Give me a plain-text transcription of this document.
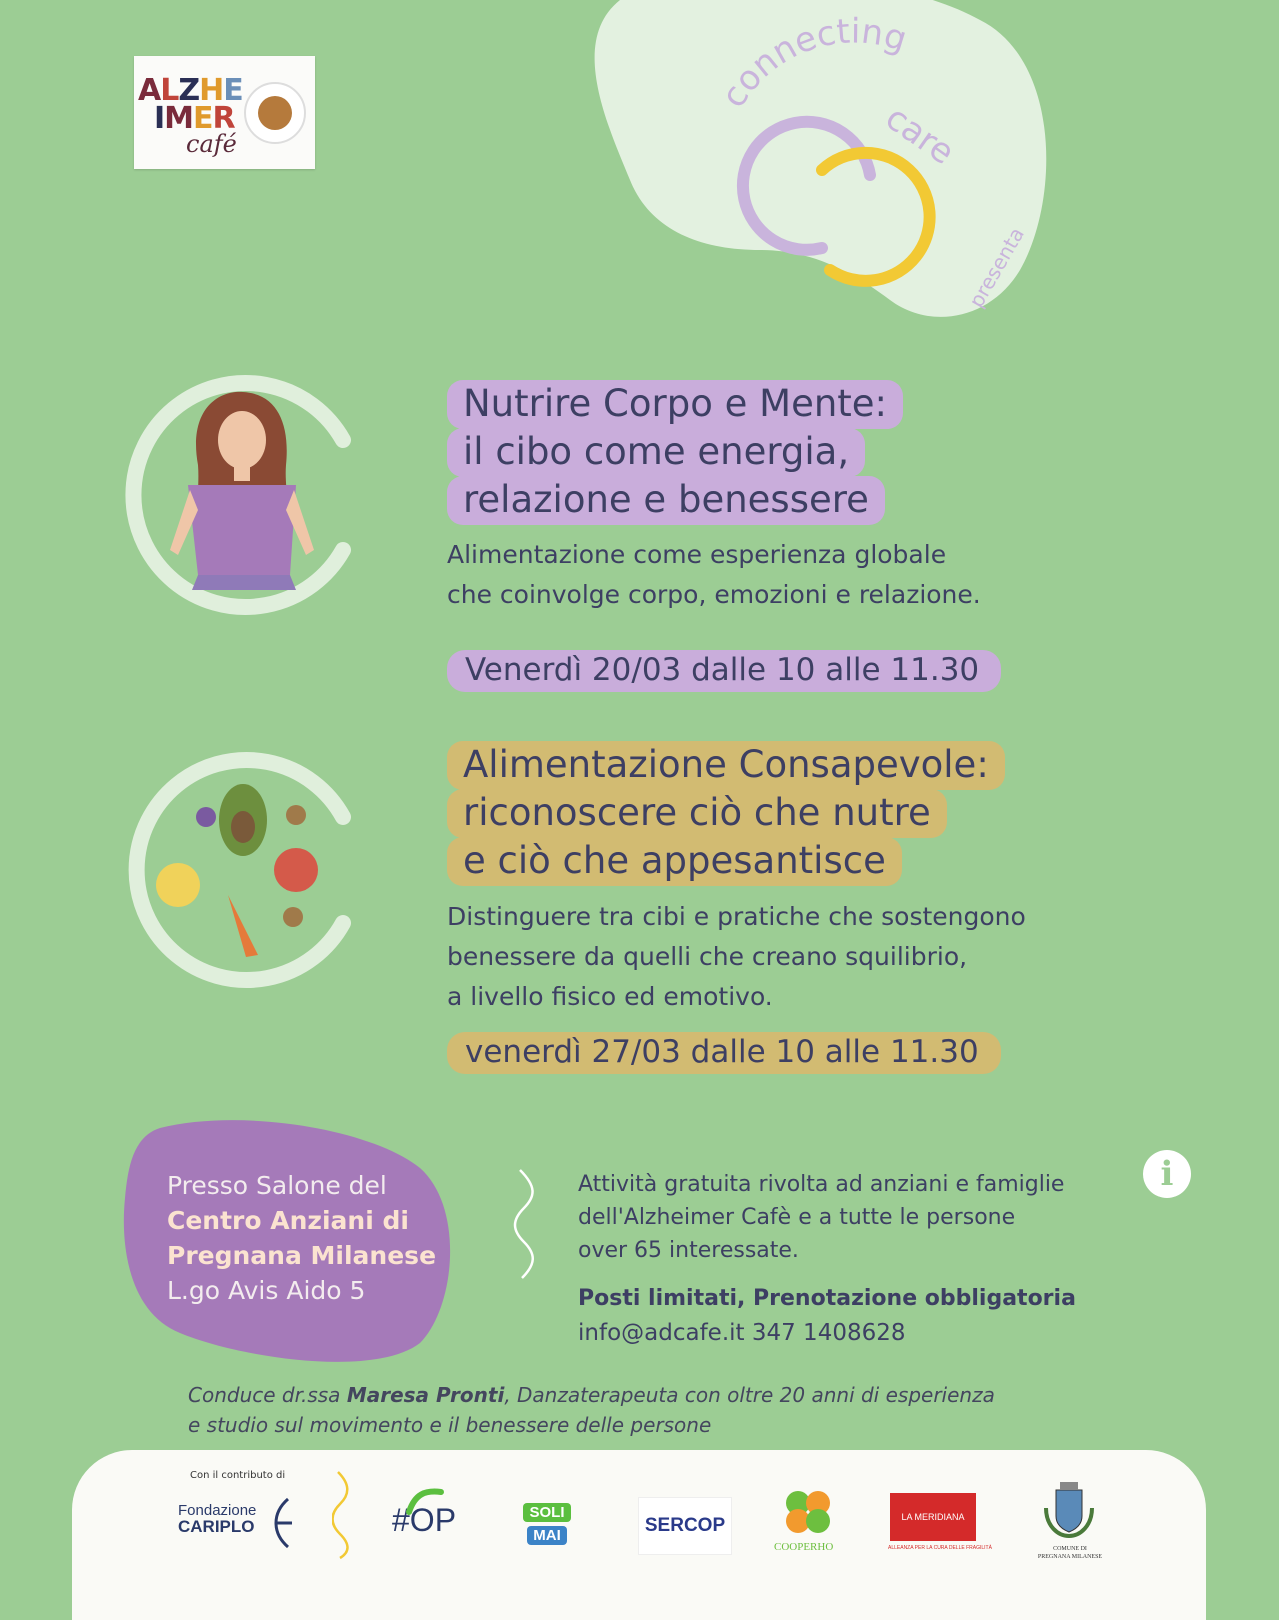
connecting
care
presenta
ALZHE
IMER
café
Nutrire Corpo e Mente:
il cibo come energia,
relazione e benessere
Alimentazione come esperienza globale
che coinvolge corpo, emozioni e relazione.
Venerdì 20/03 dalle 10 alle 11.30
Alimentazione Consapevole:
riconoscere ciò che nutre
e ciò che appesantisce
Distinguere tra cibi e pratiche che sostengono
benessere da quelli che creano squilibrio,
a livello fisico ed emotivo.
venerdì 27/03 dalle 10 alle 11.30
Presso Salone del
Centro Anziani di
Pregnana Milanese
L.go Avis Aido 5
Attività gratuita rivolta ad anziani e famiglie
dell'Alzheimer Cafè e a tutte le persone
over 65 interessate.
i
Posti limitati, Prenotazione obbligatoria
info@adcafe.it 347 1408628
Conduce dr.ssa Maresa Pronti, Danzaterapeuta con oltre 20 anni di esperienza
e studio sul movimento e il benessere delle persone
Con il contributo di
Fondazione
CARIPLO	#OP	SOLI MAI	SERCOP
COOPERHO
LA MERIDIANA
ALLEANZA PER LA CURA DELLE FRAGILITÀ	COMUNE DI
PREGNANA MILANESE
